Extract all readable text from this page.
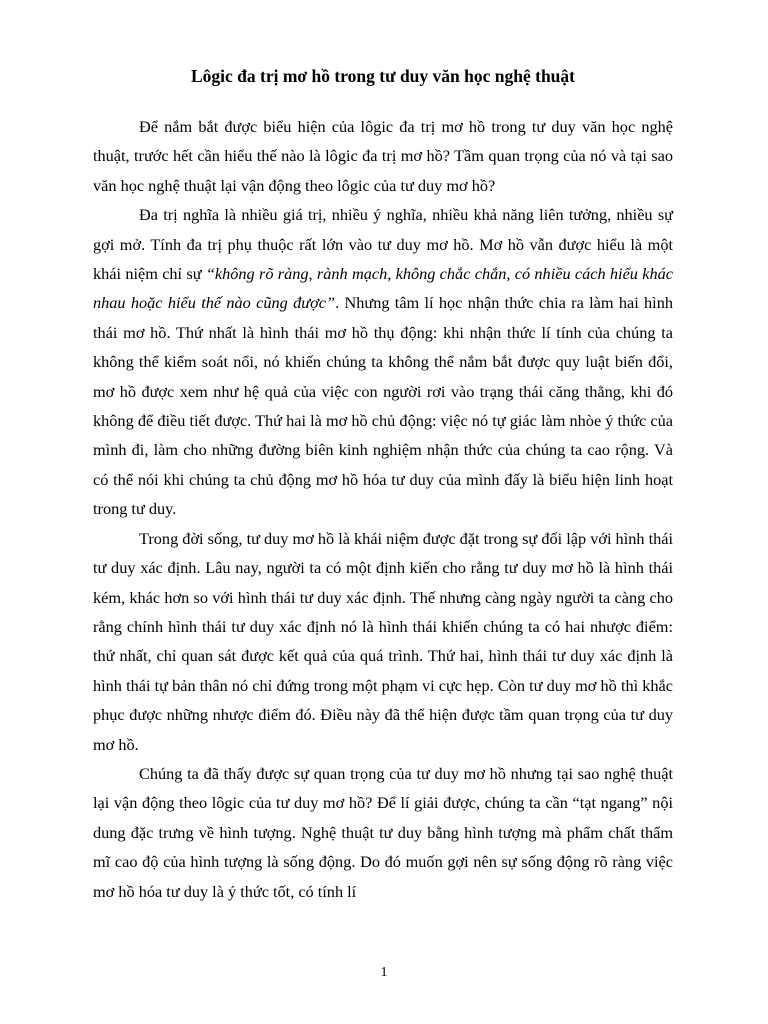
Lôgic đa trị mơ hồ trong tư duy văn học nghệ thuật

Để nắm bắt được biểu hiện của lôgic đa trị mơ hồ trong tư duy văn học nghệ thuật, trước hết cần hiểu thế nào là lôgic đa trị mơ hồ? Tầm quan trọng của nó và tại sao văn học nghệ thuật lại vận động theo lôgic của tư duy mơ hồ?

Đa trị nghĩa là nhiều giá trị, nhiều ý nghĩa, nhiều khả năng liên tưởng, nhiều sự gợi mở. Tính đa trị phụ thuộc rất lớn vào tư duy mơ hồ. Mơ hồ vẫn được hiểu là một khái niệm chỉ sự “không rõ ràng, rành mạch, không chắc chắn, có nhiều cách hiểu khác nhau hoặc hiểu thế nào cũng được”. Nhưng tâm lí học nhận thức chia ra làm hai hình thái mơ hồ. Thứ nhất là hình thái mơ hồ thụ động: khi nhận thức lí tính của chúng ta không thể kiểm soát nổi, nó khiến chúng ta không thể nắm bắt được quy luật biến đổi, mơ hồ được xem như hệ quả của việc con người rơi vào trạng thái căng thẳng, khi đó không để điều tiết được. Thứ hai là mơ hồ chủ động: việc nó tự giác làm nhòe ý thức của mình đi, làm cho những đường biên kinh nghiệm nhận thức của chúng ta cao rộng. Và có thể nói khi chúng ta chủ động mơ hồ hóa tư duy của mình đấy là biểu hiện linh hoạt trong tư duy.

Trong đời sống, tư duy mơ hồ là khái niệm được đặt trong sự đối lập với hình thái tư duy xác định. Lâu nay, người ta có một định kiến cho rằng tư duy mơ hồ là hình thái kém, khác hơn so với hình thái tư duy xác định. Thế nhưng càng ngày người ta càng cho rằng chính hình thái tư duy xác định nó là hình thái khiến chúng ta có hai nhược điểm: thứ nhất, chỉ quan sát được kết quả của quá trình. Thứ hai, hình thái tư duy xác định là hình thái tự bản thân nó chỉ đứng trong một phạm vi cực hẹp. Còn tư duy mơ hồ thì khắc phục được những nhược điểm đó. Điều này đã thể hiện được tầm quan trọng của tư duy mơ hồ.

Chúng ta đã thấy được sự quan trọng của tư duy mơ hồ nhưng tại sao nghệ thuật lại vận động theo lôgic của tư duy mơ hồ? Để lí giải được, chúng ta cần “tạt ngang” nội dung đặc trưng về hình tượng. Nghệ thuật tư duy bằng hình tượng mà phẩm chất thẩm mĩ cao độ của hình tượng là sống động. Do đó muốn gợi nên sự sống động rõ ràng việc mơ hồ hóa tư duy là ý thức tốt, có tính lí

1
